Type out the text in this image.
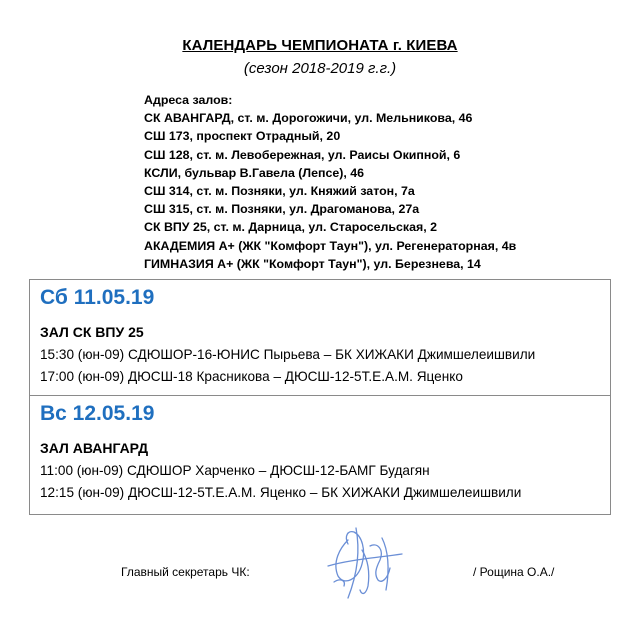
КАЛЕНДАРЬ ЧЕМПИОНАТА г. КИЕВА
(сезон 2018-2019 г.г.)
Адреса залов:
СК АВАНГАРД, ст. м. Дорогожичи, ул. Мельникова, 46
СШ 173, проспект Отрадный, 20
СШ 128, ст. м. Левобережная, ул. Раисы Окипной, 6
КСЛИ, бульвар В.Гавела (Лепсе), 46
СШ 314, ст. м. Позняки, ул. Княжий затон, 7а
СШ 315, ст. м. Позняки, ул. Драгоманова, 27а
СК ВПУ 25, ст. м. Дарница, ул. Старосельская, 2
АКАДЕМИЯ А+ (ЖК "Комфорт Таун"), ул. Регенераторная, 4в
ГИМНАЗИЯ А+ (ЖК "Комфорт Таун"), ул. Березнева, 14
Сб 11.05.19
ЗАЛ СК ВПУ 25
15:30 (юн-09) СДЮШОР-16-ЮНИС Пырьева – БК ХИЖАКИ Джимшелеишвили
17:00 (юн-09) ДЮСШ-18 Красникова – ДЮСШ-12-5Т.Е.А.М. Яценко
Вс 12.05.19
ЗАЛ АВАНГАРД
11:00 (юн-09) СДЮШОР Харченко – ДЮСШ-12-БАМГ Будагян
12:15 (юн-09) ДЮСШ-12-5Т.Е.А.М. Яценко – БК ХИЖАКИ Джимшелеишвили
Главный секретарь ЧК:	/ Рощина О.А./
